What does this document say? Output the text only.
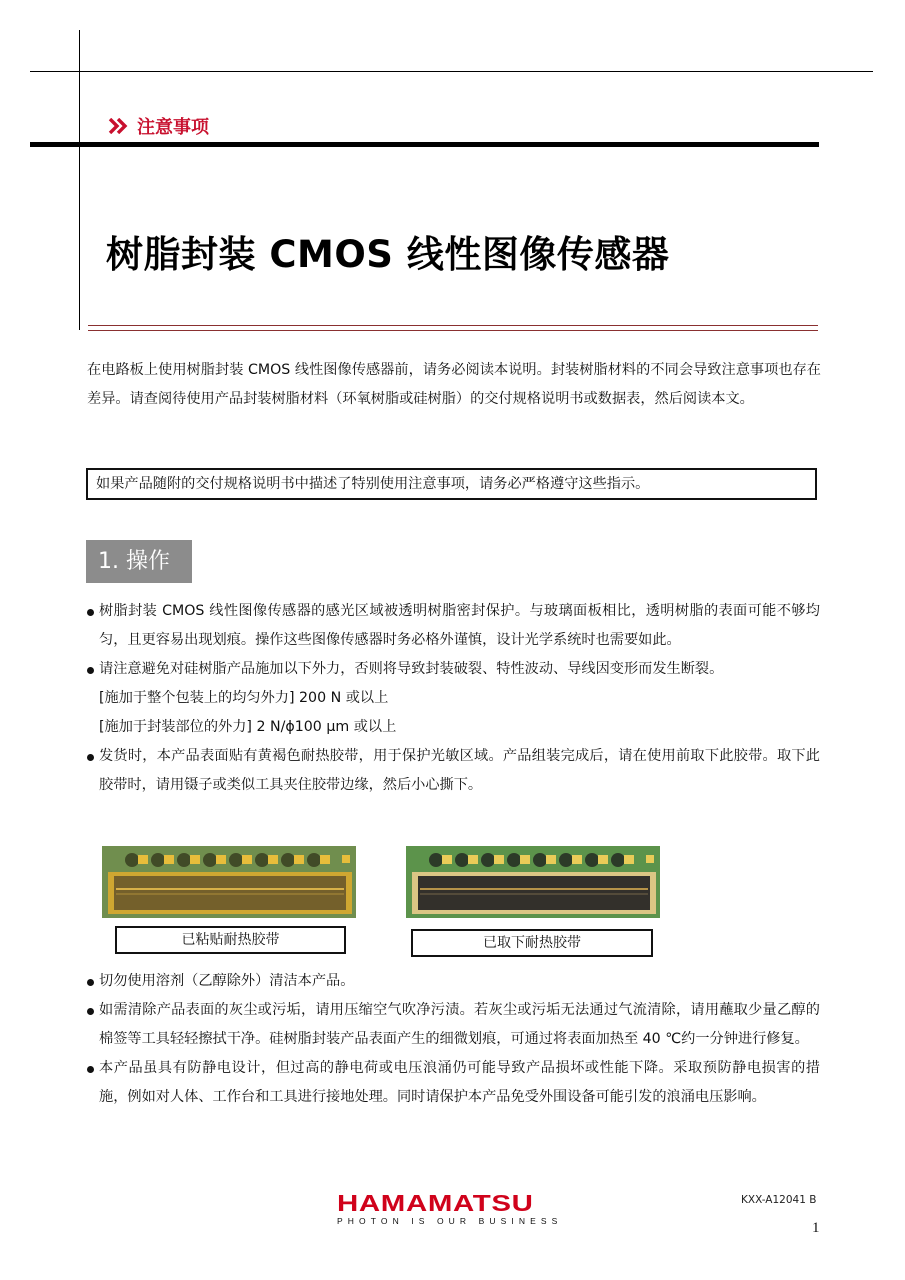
注意事项
树脂封装 CMOS 线性图像传感器
在电路板上使用树脂封装 CMOS 线性图像传感器前，请务必阅读本说明。封装树脂材料的不同会导致注意事项也存在差异。请查阅待使用产品封装树脂材料（环氧树脂或硅树脂）的交付规格说明书或数据表，然后阅读本文。
如果产品随附的交付规格说明书中描述了特别使用注意事项，请务必严格遵守这些指示。
1. 操作
树脂封装 CMOS 线性图像传感器的感光区域被透明树脂密封保护。与玻璃面板相比，透明树脂的表面可能不够均匀，且更容易出现划痕。操作这些图像传感器时务必格外谨慎，设计光学系统时也需要如此。
请注意避免对硅树脂产品施加以下外力，否则将导致封装破裂、特性波动、导线因变形而发生断裂。
[施加于整个包装上的均匀外力] 200 N 或以上
[施加于封装部位的外力] 2 N/ϕ100 µm 或以上
发货时，本产品表面贴有黄褐色耐热胶带，用于保护光敏区域。产品组装完成后，请在使用前取下此胶带。取下此胶带时，请用镊子或类似工具夹住胶带边缘，然后小心撕下。
已粘贴耐热胶带	已取下耐热胶带
切勿使用溶剂（乙醇除外）清洁本产品。
如需清除产品表面的灰尘或污垢，请用压缩空气吹净污渍。若灰尘或污垢无法通过气流清除，请用蘸取少量乙醇的棉签等工具轻轻擦拭干净。硅树脂封装产品表面产生的细微划痕，可通过将表面加热至 40 ℃约一分钟进行修复。
本产品虽具有防静电设计，但过高的静电荷或电压浪涌仍可能导致产品损坏或性能下降。采取预防静电损害的措施，例如对人体、工作台和工具进行接地处理。同时请保护本产品免受外围设备可能引发的浪涌电压影响。
HAMAMATSU
PHOTON IS OUR BUSINESS
KXX-A12041 B
1
